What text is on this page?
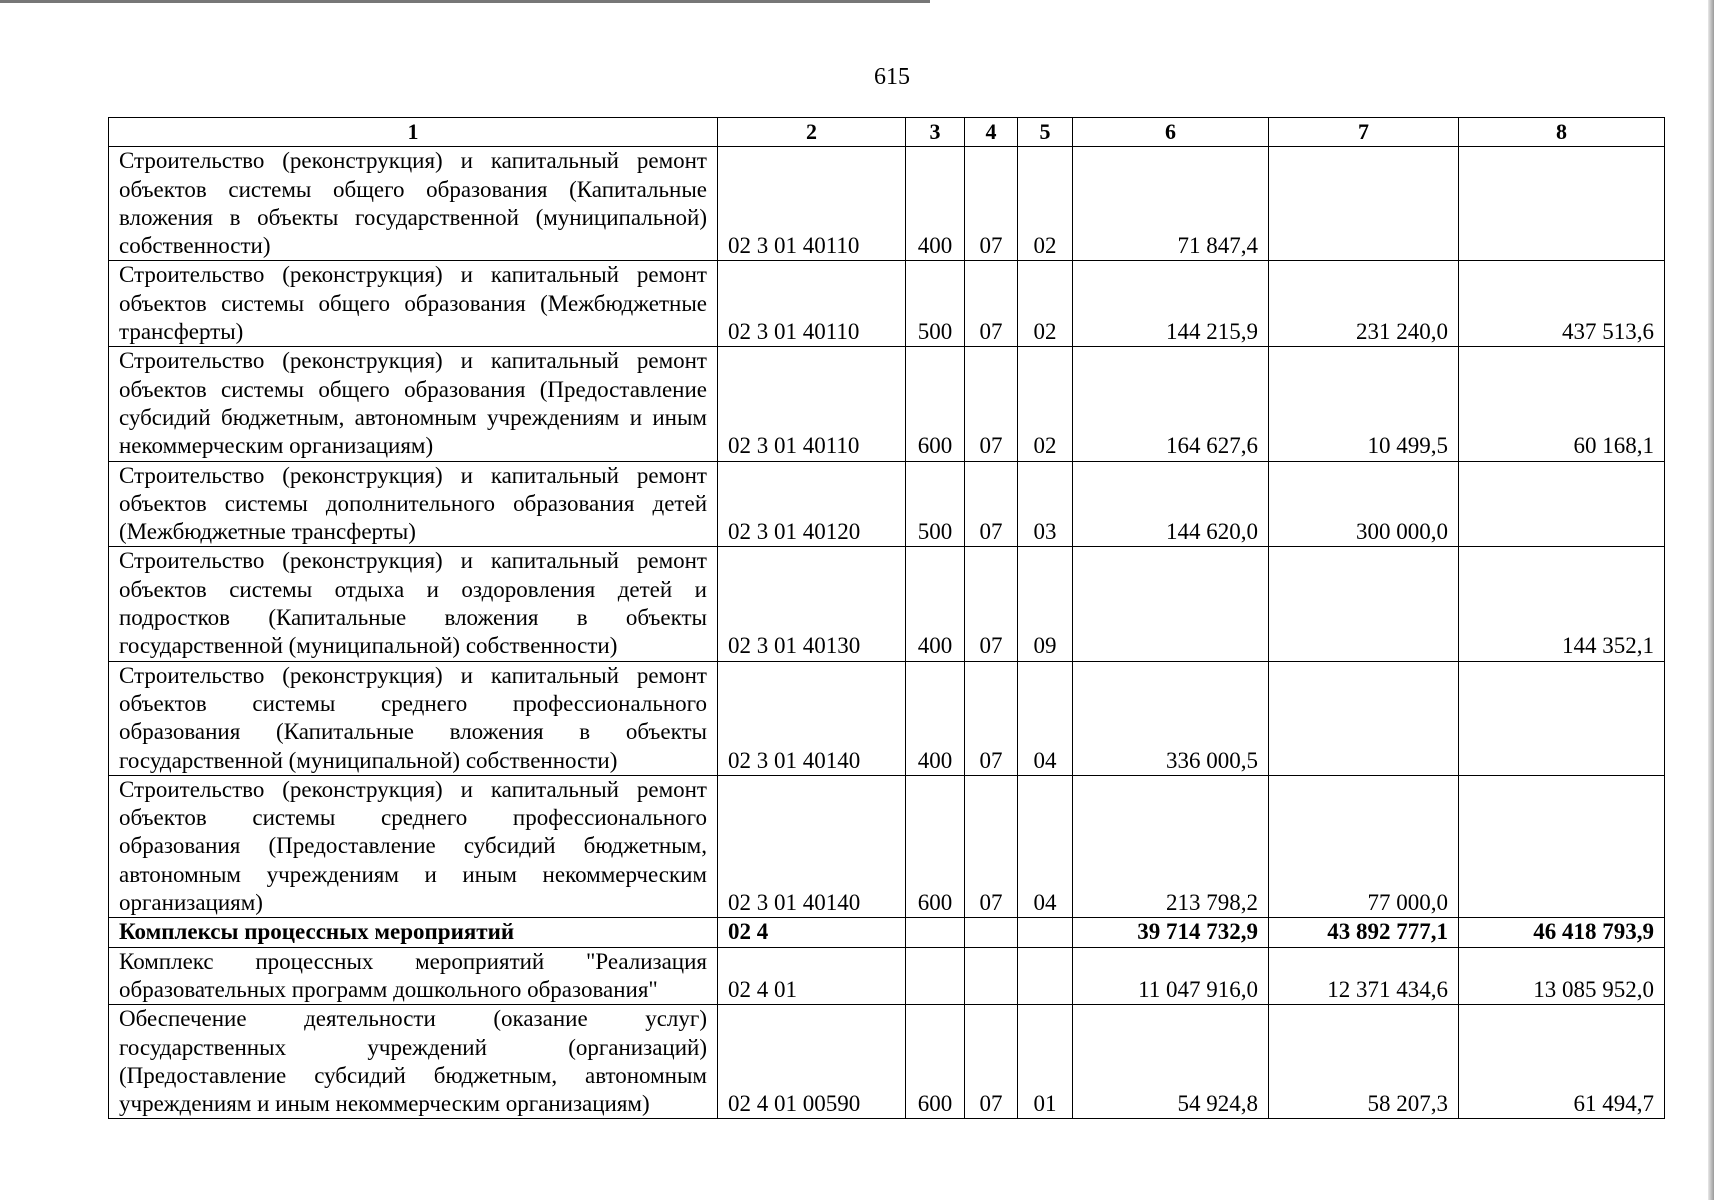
615
1	2	3	4	5	6	7	8
Строительство (реконструкция) и капитальный ремонт объектов системы общего образования (Капитальные вложения в объекты государственной (муниципальной) собственности)	02 3 01 40110	400	07	02	71 847,4		
Строительство (реконструкция) и капитальный ремонт объектов системы общего образования (Межбюджетные трансферты)	02 3 01 40110	500	07	02	144 215,9	231 240,0	437 513,6
Строительство (реконструкция) и капитальный ремонт объектов системы общего образования (Предоставление субсидий бюджетным, автономным учреждениям и иным некоммерческим организациям)	02 3 01 40110	600	07	02	164 627,6	10 499,5	60 168,1
Строительство (реконструкция) и капитальный ремонт объектов системы дополнительного образования детей (Межбюджетные трансферты)	02 3 01 40120	500	07	03	144 620,0	300 000,0	
Строительство (реконструкция) и капитальный ремонт объектов системы отдыха и оздоровления детей и подростков (Капитальные вложения в объекты государственной (муниципальной) собственности)	02 3 01 40130	400	07	09			144 352,1
Строительство (реконструкция) и капитальный ремонт объектов системы среднего профессионального образования (Капитальные вложения в объекты государственной (муниципальной) собственности)	02 3 01 40140	400	07	04	336 000,5		
Строительство (реконструкция) и капитальный ремонт объектов системы среднего профессионального образования (Предоставление субсидий бюджетным, автономным учреждениям и иным некоммерческим организациям)	02 3 01 40140	600	07	04	213 798,2	77 000,0	
Комплексы процессных мероприятий	02 4				39 714 732,9	43 892 777,1	46 418 793,9
Комплекс процессных мероприятий "Реализация образовательных программ дошкольного образования"	02 4 01				11 047 916,0	12 371 434,6	13 085 952,0
Обеспечение деятельности (оказание услуг) государственных учреждений (организаций) (Предоставление субсидий бюджетным, автономным учреждениям и иным некоммерческим организациям)	02 4 01 00590	600	07	01	54 924,8	58 207,3	61 494,7
